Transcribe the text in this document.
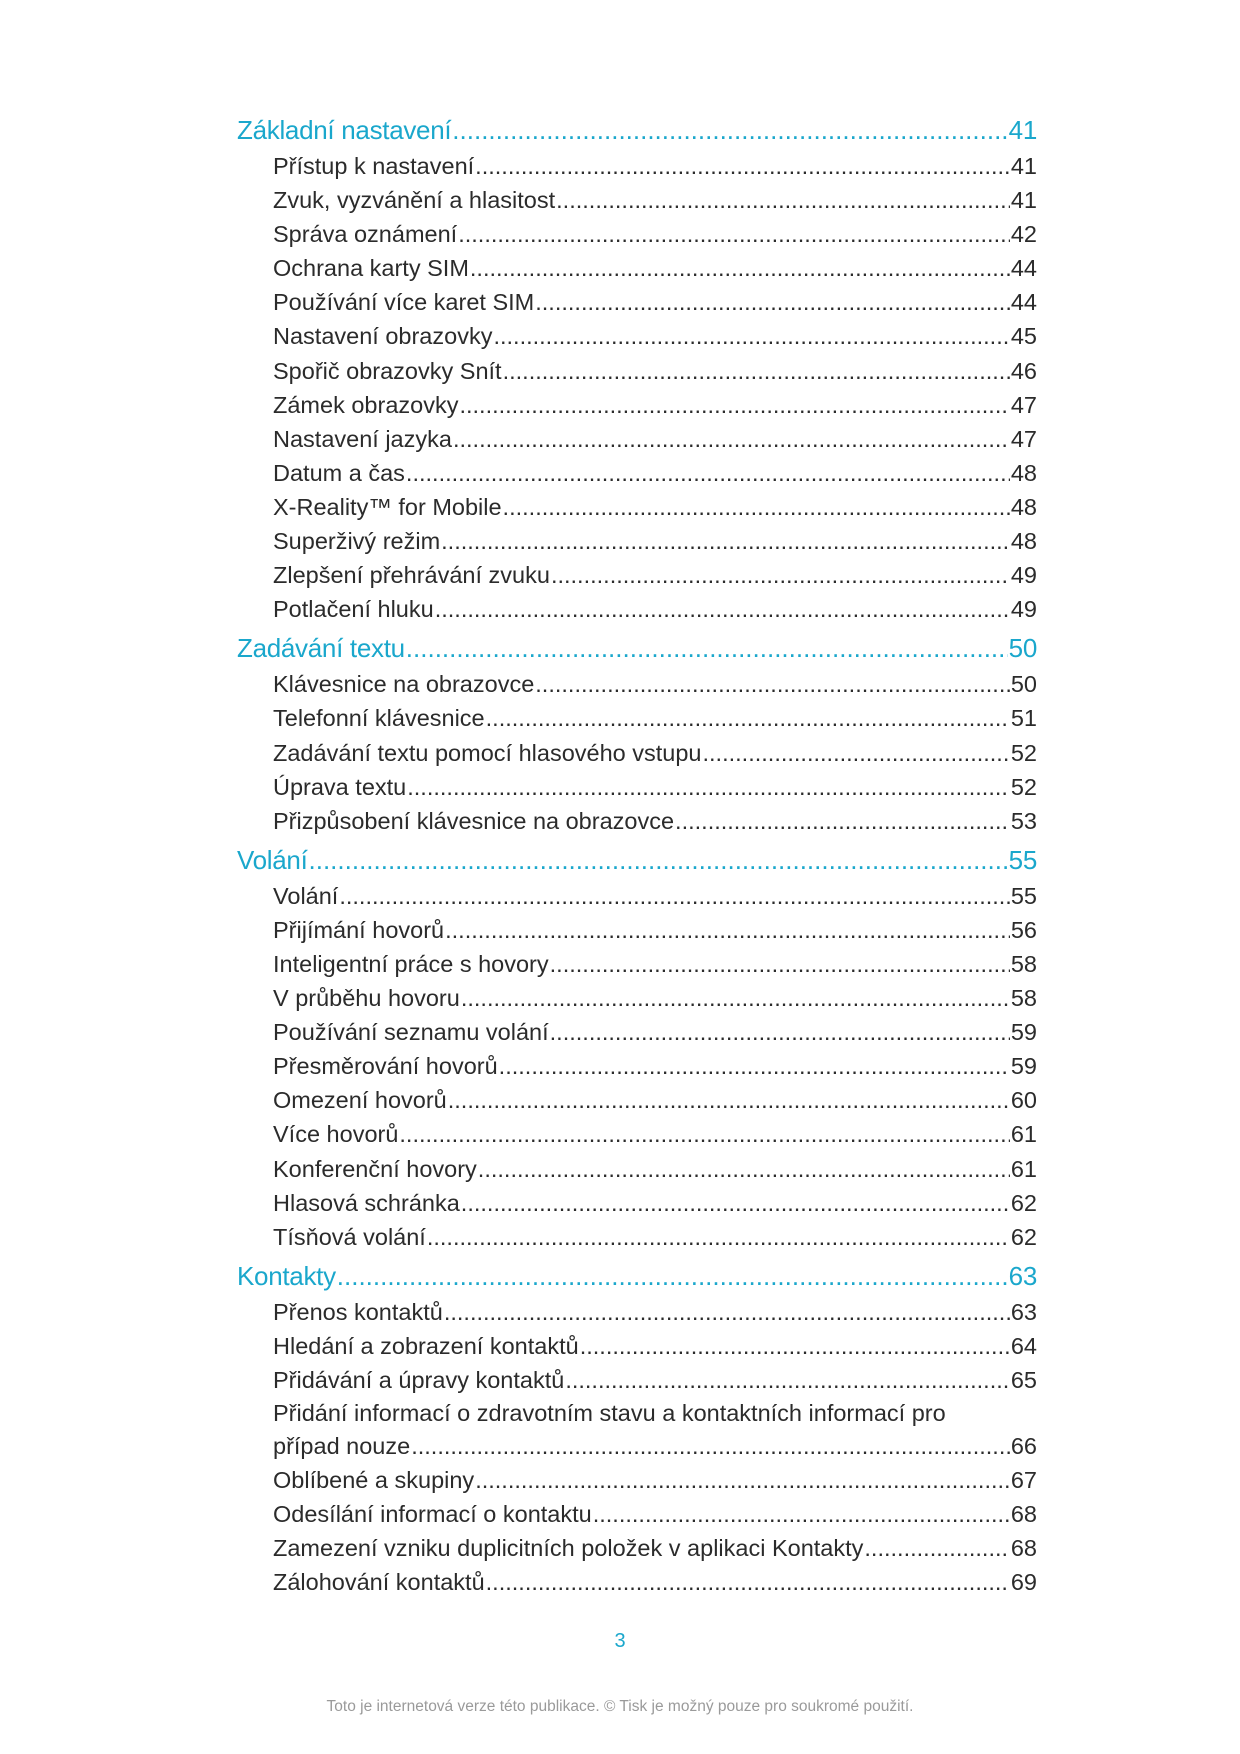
Základní nastavení .....	41
Přístup k nastavení .....	41
Zvuk, vyzvánění a hlasitost .....	41
Správa oznámení .....	42
Ochrana karty SIM .....	44
Používání více karet SIM .....	44
Nastavení obrazovky .....	45
Spořič obrazovky Snít .....	46
Zámek obrazovky .....	47
Nastavení jazyka .....	47
Datum a čas .....	48
X-Reality™ for Mobile .....	48
Superživý režim .....	48
Zlepšení přehrávání zvuku .....	49
Potlačení hluku .....	49
Zadávání textu .....	50
Klávesnice na obrazovce .....	50
Telefonní klávesnice .....	51
Zadávání textu pomocí hlasového vstupu .....	52
Úprava textu .....	52
Přizpůsobení klávesnice na obrazovce .....	53
Volání .....	55
Volání .....	55
Přijímání hovorů .....	56
Inteligentní práce s hovory .....	58
V průběhu hovoru .....	58
Používání seznamu volání .....	59
Přesměrování hovorů .....	59
Omezení hovorů .....	60
Více hovorů .....	61
Konferenční hovory .....	61
Hlasová schránka .....	62
Tísňová volání .....	62
Kontakty .....	63
Přenos kontaktů .....	63
Hledání a zobrazení kontaktů .....	64
Přidávání a úpravy kontaktů .....	65
Přidání informací o zdravotním stavu a kontaktních informací pro
případ nouze .....	66
Oblíbené a skupiny .....	67
Odesílání informací o kontaktu .....	68
Zamezení vzniku duplicitních položek v aplikaci Kontakty .....	68
Zálohování kontaktů .....	69
3
Toto je internetová verze této publikace. © Tisk je možný pouze pro soukromé použití.
